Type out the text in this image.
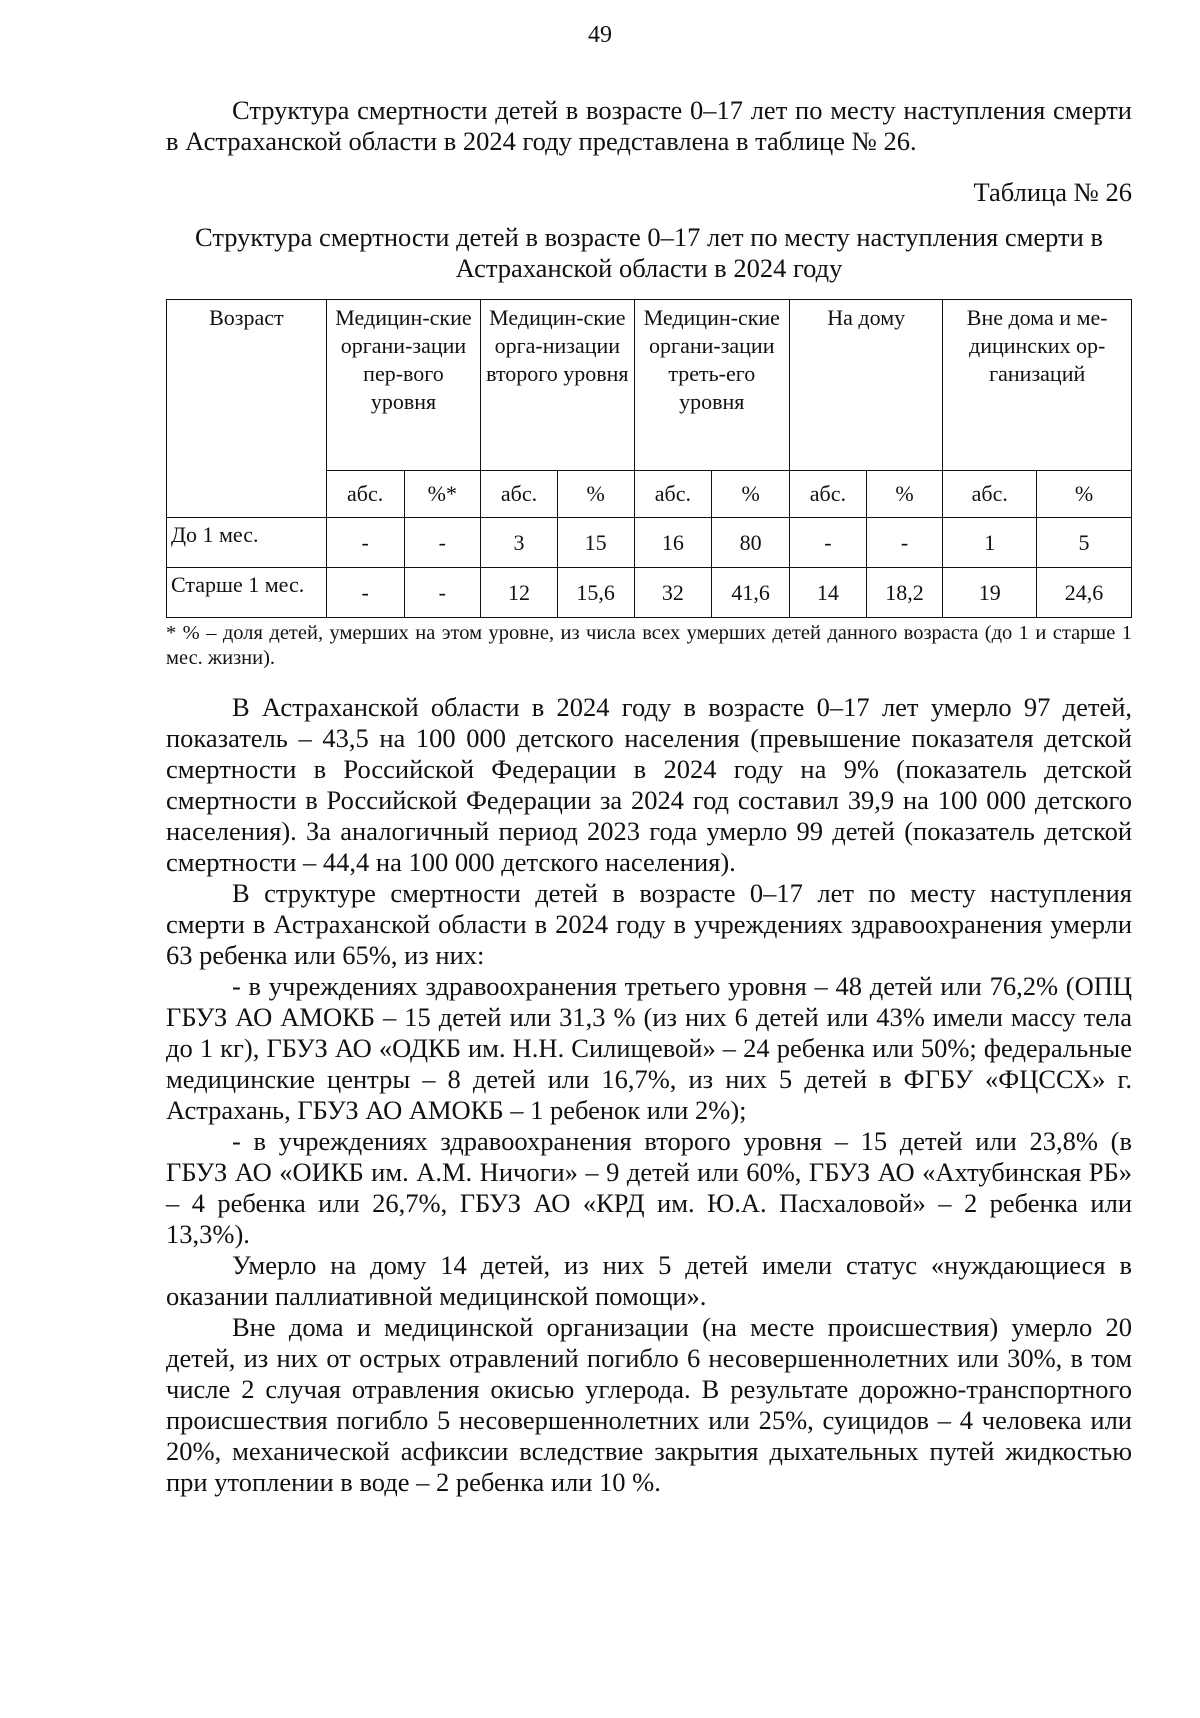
49

Структура смертности детей в возрасте 0–17 лет по месту наступления смерти в Астраханской области в 2024 году представлена в таблице № 26.

Таблица № 26
Структура смертности детей в возрасте 0–17 лет по месту наступления смерти в Астраханской области в 2024 году
Возраст	Медицин-ские органи-зации пер-вого уровня		Медицин-ские орга-низации второго уровня		Медицин-ские органи-зации треть-его уровня		На дому		Вне дома и ме-дицинских ор-ганизаций	
	абс.	%*	абс.	%	абс.	%	абс.	%	абс.	%
До 1 мес.	-	-	3	15	16	80	-	-	1	5
Старше 1 мес.	-	-	12	15,6	32	41,6	14	18,2	19	24,6
* % – доля детей, умерших на этом уровне, из числа всех умерших детей данного возраста (до 1 и старше 1 мес. жизни).

В Астраханской области в 2024 году в возрасте 0–17 лет умерло 97 детей, показатель – 43,5 на 100 000 детского населения (превышение показателя детской смертности в Российской Федерации в 2024 году на 9% (показатель детской смертности в Российской Федерации за 2024 год составил 39,9 на 100 000 детского населения). За аналогичный период 2023 года умерло 99 детей (показатель детской смертности – 44,4 на 100 000 детского населения).

В структуре смертности детей в возрасте 0–17 лет по месту наступления смерти в Астраханской области в 2024 году в учреждениях здравоохранения умерли 63 ребенка или 65%, из них:

- в учреждениях здравоохранения третьего уровня – 48 детей или 76,2% (ОПЦ ГБУЗ АО АМОКБ – 15 детей или 31,3 % (из них 6 детей или 43% имели массу тела до 1 кг), ГБУЗ АО «ОДКБ им. Н.Н. Силищевой» – 24 ребенка или 50%; федеральные медицинские центры – 8 детей или 16,7%, из них 5 детей в ФГБУ «ФЦССХ» г. Астрахань, ГБУЗ АО АМОКБ – 1 ребенок или 2%);

- в учреждениях здравоохранения второго уровня – 15 детей или 23,8% (в ГБУЗ АО «ОИКБ им. А.М. Ничоги» – 9 детей или 60%, ГБУЗ АО «Ахтубинская РБ» – 4 ребенка или 26,7%, ГБУЗ АО «КРД им. Ю.А. Пасхаловой» – 2 ребенка или 13,3%).

Умерло на дому 14 детей, из них 5 детей имели статус «нуждающиеся в оказании паллиативной медицинской помощи».

Вне дома и медицинской организации (на месте происшествия) умерло 20 детей, из них от острых отравлений погибло 6 несовершеннолетних или 30%, в том числе 2 случая отравления окисью углерода. В результате дорожно-транспортного происшествия погибло 5 несовершеннолетних или 25%, суицидов – 4 человека или 20%, механической асфиксии вследствие закрытия дыхательных путей жидкостью при утоплении в воде – 2 ребенка или 10 %.
